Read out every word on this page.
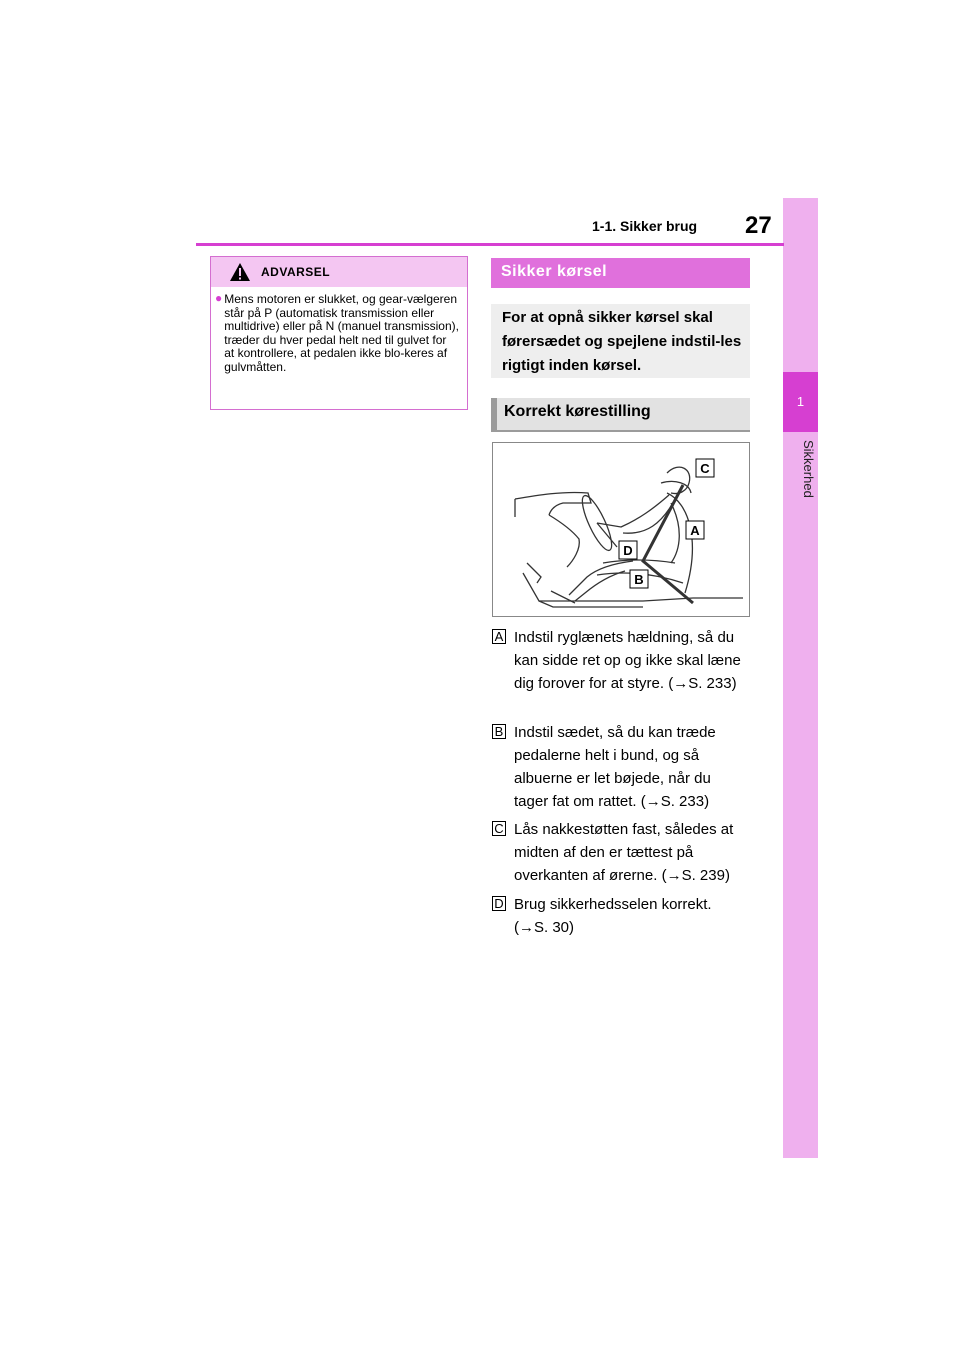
1
Sikkerhed
1-1. Sikker brug 27
ADVARSEL
● Mens motoren er slukket, og gear-vælgeren står på P (automatisk transmission eller multidrive) eller på N (manuel transmission), træder du hver pedal helt ned til gulvet for at kontrollere, at pedalen ikke blo-keres af gulvmåtten.
Sikker kørsel
For at opnå sikker kørsel skal førersædet og spejlene indstil-les rigtigt inden kørsel.
Korrekt kørestilling
C
A
D
B
A Indstil ryglænets hældning, så du kan sidde ret op og ikke skal læne dig forover for at styre. (→S. 233)
B Indstil sædet, så du kan træde pedalerne helt i bund, og så albuerne er let bøjede, når du tager fat om rattet. (→S. 233)
C Lås nakkestøtten fast, således at midten af den er tættest på overkanten af ørerne. (→S. 239)
D Brug sikkerhedsselen korrekt. (→S. 30)
